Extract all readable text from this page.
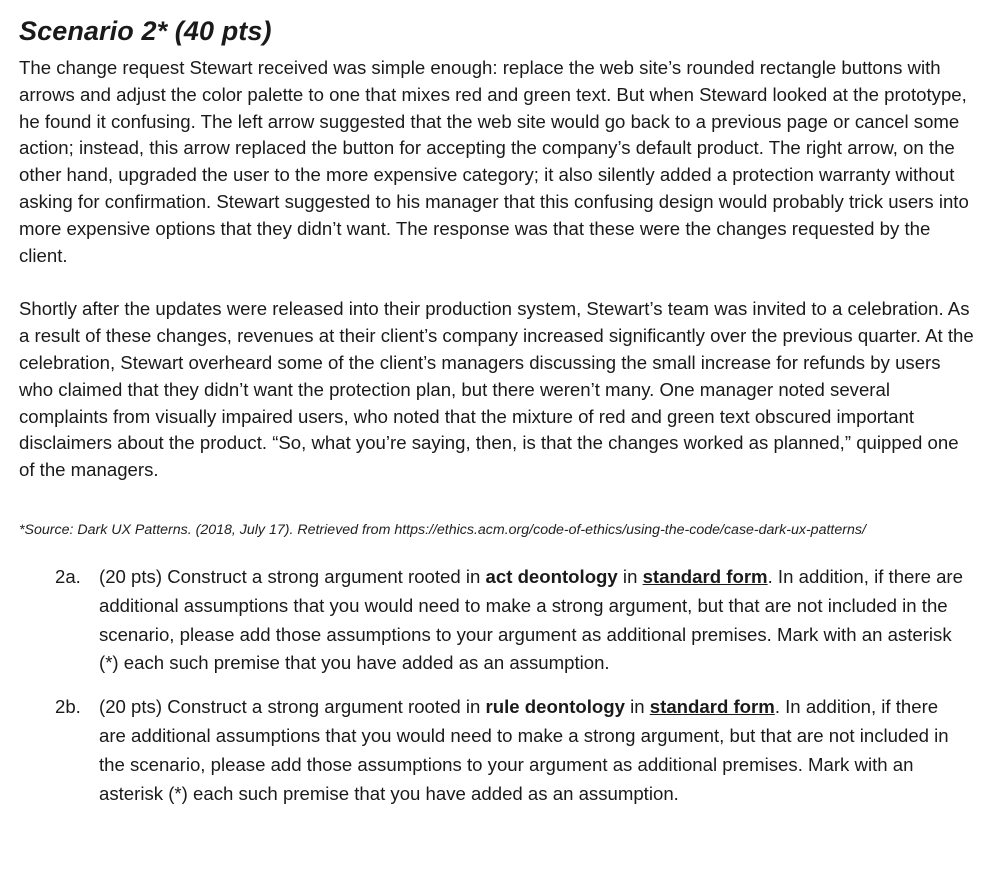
Scenario 2* (40 pts)

The change request Stewart received was simple enough: replace the web site’s rounded rectangle buttons with arrows and adjust the color palette to one that mixes red and green text. But when Steward looked at the prototype, he found it confusing. The left arrow suggested that the web site would go back to a previous page or cancel some action; instead, this arrow replaced the button for accepting the company’s default product. The right arrow, on the other hand, upgraded the user to the more expensive category; it also silently added a protection warranty without asking for confirmation. Stewart suggested to his manager that this confusing design would probably trick users into more expensive options that they didn’t want. The response was that these were the changes requested by the client.

Shortly after the updates were released into their production system, Stewart’s team was invited to a celebration. As a result of these changes, revenues at their client’s company increased significantly over the previous quarter. At the celebration, Stewart overheard some of the client’s managers discussing the small increase for refunds by users who claimed that they didn’t want the protection plan, but there weren’t many. One manager noted several complaints from visually impaired users, who noted that the mixture of red and green text obscured important disclaimers about the product. “So, what you’re saying, then, is that the changes worked as planned,” quipped one of the managers.

*Source: Dark UX Patterns. (2018, July 17). Retrieved from https://ethics.acm.org/code-of-ethics/using-the-code/case-dark-ux-patterns/

2a. (20 pts) Construct a strong argument rooted in act deontology in standard form. In addition, if there are additional assumptions that you would need to make a strong argument, but that are not included in the scenario, please add those assumptions to your argument as additional premises. Mark with an asterisk (*) each such premise that you have added as an assumption.
2b. (20 pts) Construct a strong argument rooted in rule deontology in standard form. In addition, if there are additional assumptions that you would need to make a strong argument, but that are not included in the scenario, please add those assumptions to your argument as additional premises. Mark with an asterisk (*) each such premise that you have added as an assumption.
